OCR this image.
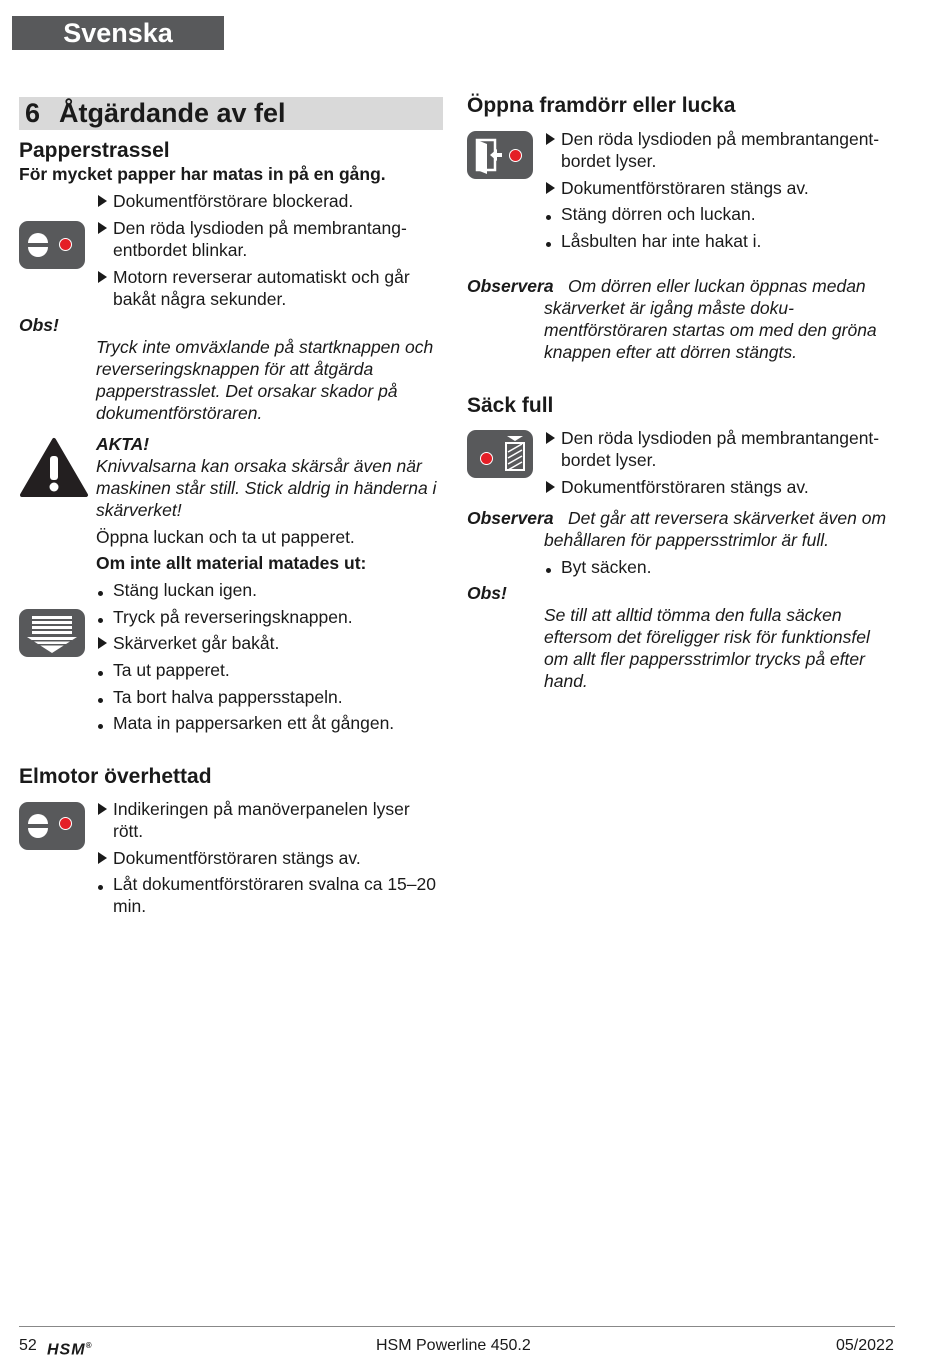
Svenska
6 Åtgärdande av fel
Papperstrassel
För mycket papper har matas in på en gång.
Dokumentförstörare blockerad.
Den röda lysdioden på membrantang-entbordet blinkar.
Motorn reverserar automatiskt och går bakåt några sekunder.
Obs!
Tryck inte omväxlande på startknappen och reverseringsknappen för att åtgärda papperstrasslet. Det orsakar skador på dokumentförstöraren.
AKTA!
Knivvalsarna kan orsaka skärsår även när maskinen står still. Stick aldrig in händerna i skärverket!
Öppna luckan och ta ut papperet.
Om inte allt material matades ut:
Stäng luckan igen.
Tryck på reverseringsknappen.
Skärverket går bakåt.
Ta ut papperet.
Ta bort halva pappersstapeln.
Mata in pappersarken ett åt gången.
Elmotor överhettad
Indikeringen på manöverpanelen lyser rött.
Dokumentförstöraren stängs av.
Låt dokumentförstöraren svalna ca 15–20 min.
Öppna framdörr eller lucka
Den röda lysdioden på membrantangent-bordet lyser.
Dokumentförstöraren stängs av.
Stäng dörren och luckan.
Låsbulten har inte hakat i.
Observera Om dörren eller luckan öppnas medan skärverket är igång måste doku-mentförstöraren startas om med den gröna knappen efter att dörren stängts.
Säck full
Den röda lysdioden på membrantangent-bordet lyser.
Dokumentförstöraren stängs av.
Observera Det går att reversera skärverket även om behållaren för pappersstrimlor är full.
Byt säcken.
Obs!
Se till att alltid tömma den fulla säcken eftersom det föreligger risk för funktionsfel om allt fler pappersstrimlor trycks på efter hand.
52 HSM®	HSM Powerline 450.2	05/2022
